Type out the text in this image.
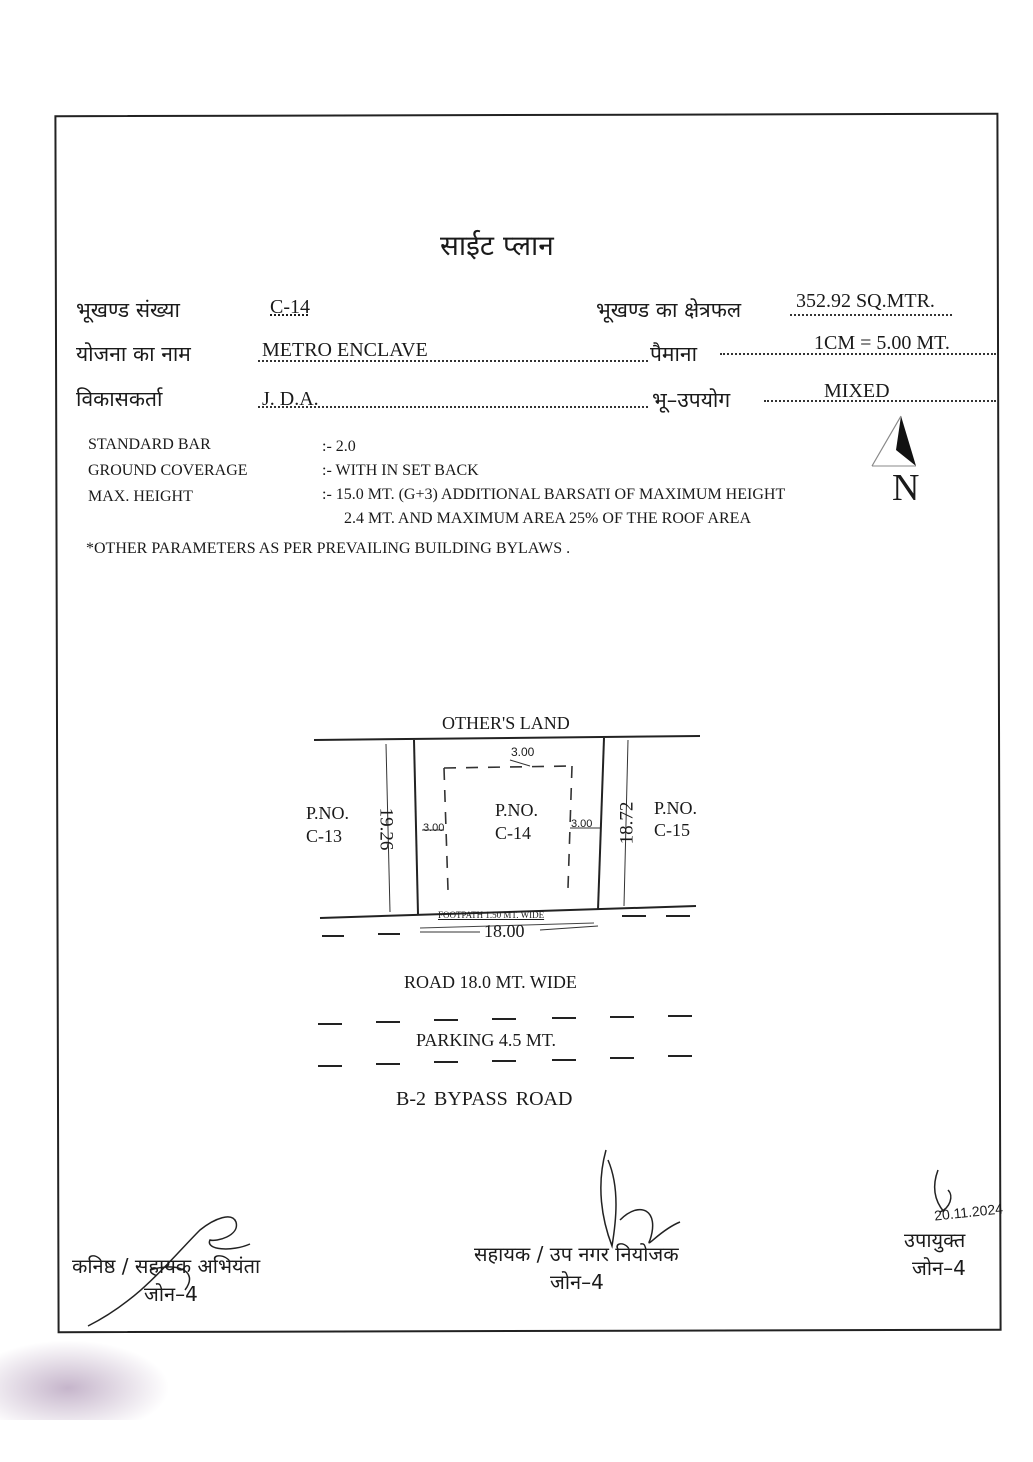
साईट प्लान
भूखण्ड संख्या	C-14	भूखण्ड का क्षेत्रफल	352.92 SQ.MTR.
योजना का नाम	METRO ENCLAVE	पैमाना	1CM = 5.00 MT.
विकासकर्ता	J. D.A.	भू–उपयोग	MIXED
STANDARD BAR	:- 2.0
GROUND COVERAGE	:- WITH IN SET BACK
MAX. HEIGHT	:- 15.0 MT. (G+3) ADDITIONAL BARSATI OF MAXIMUM HEIGHT
2.4 MT. AND MAXIMUM AREA 25% OF THE ROOF AREA
*OTHER PARAMETERS AS PER PREVAILING BUILDING BYLAWS .
N
OTHER'S LAND
3.00
P.NO.
C-13
P.NO.
C-14
P.NO.
C-15
19.26	18.72
3.00	3.00
FOOTPATH 1.50 MT. WIDE
18.00
ROAD 18.0 MT. WIDE
PARKING 4.5 MT.
B-2 BYPASS ROAD
कनिष्ठ / सहायक अभियंता
जोन–4
सहायक / उप नगर नियोजक
जोन–4
उपायुक्त
जोन–4
20.11.2024
